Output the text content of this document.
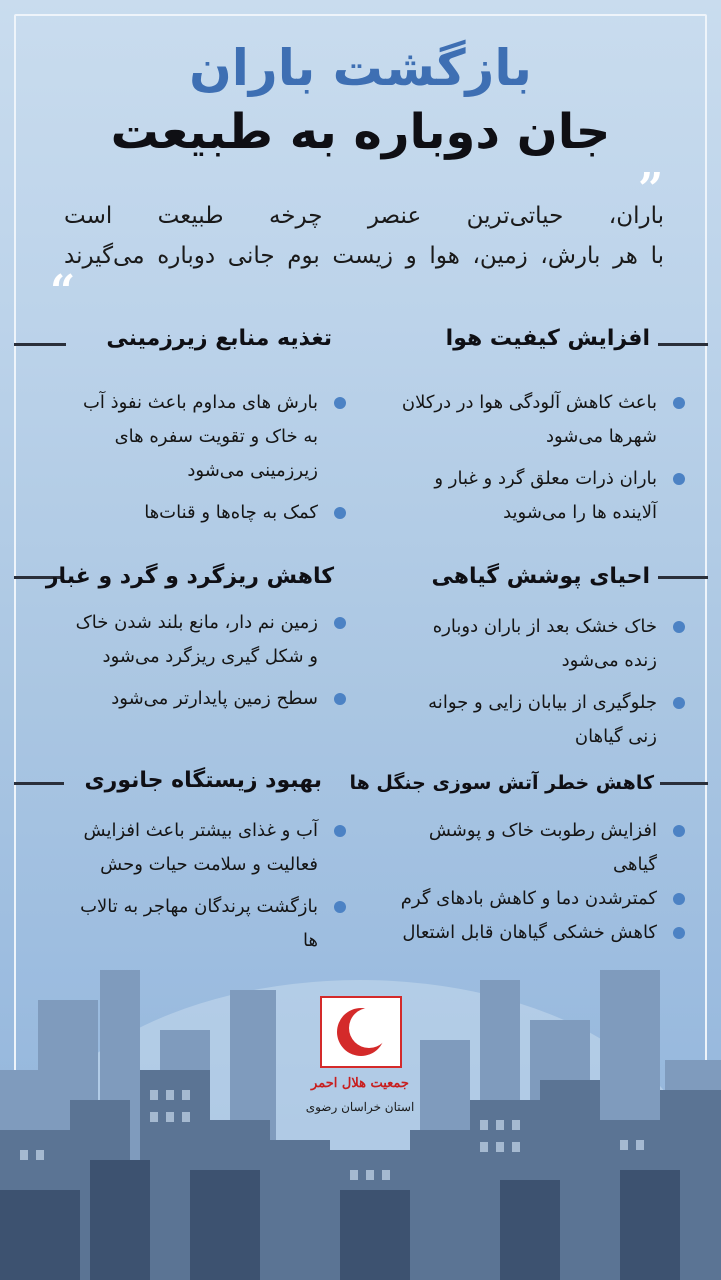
بازگشت باران
جان دوباره به طبیعت
”
باران، حیاتی‌ترین عنصر چرخه طبیعت است
با هر بارش، زمین، هوا و زیست بوم جانی دوباره می‌گیرند
“
افزایش کیفیت هوا
باعث کاهش آلودگی هوا در درکلان شهرها می‌شود
باران ذرات معلق گرد و غبار و آلاینده ها را می‌شوید
تغذیه منابع زیرزمینی
بارش های مداوم باعث نفوذ آب به خاک و تقویت سفره های زیرزمینی می‌شود
کمک به چاه‌ها و قنات‌ها
احیای پوشش گیاهی
خاک خشک بعد از باران دوباره زنده می‌شود
جلوگیری از بیابان زایی و جوانه زنی گیاهان
کاهش ریزگرد و گرد و غبار
زمین نم دار، مانع بلند شدن خاک و شکل گیری ریزگرد می‌شود
سطح زمین پایدارتر می‌شود
کاهش خطر آتش سوزی جنگل ها
افزایش رطوبت خاک و پوشش گیاهی
کمترشدن دما و کاهش بادهای گرم
کاهش خشکی گیاهان قابل اشتعال
بهبود زیستگاه جانوری
آب و غذای بیشتر باعث افزایش فعالیت و سلامت حیات وحش
بازگشت پرندگان مهاجر به تالاب ها
جمعیت هلال احمر
استان خراسان رضوی
